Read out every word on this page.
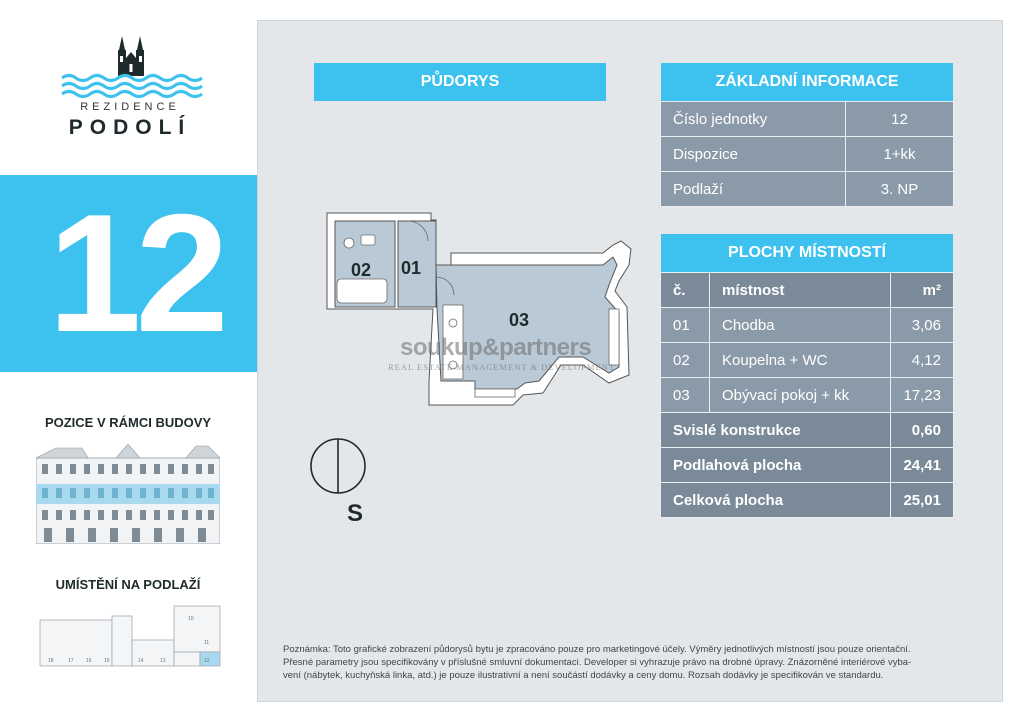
REZIDENCE
PODOLÍ
12
POZICE V RÁMCI BUDOVY
UMÍSTĚNÍ NA PODLAŽÍ
18	17 16 15	14	13	12
10
11
PŮDORYS
02 01
03
soukup&partners
REAL ESTATE MANAGEMENT & DEVELOPMENT
S
ZÁKLADNÍ INFORMACE
Číslo jednotky	12
Dispozice	1+kk
Podlaží	3. NP
PLOCHY MÍSTNOSTÍ
č.	místnost	m²
01	Chodba	3,06
02	Koupelna + WC	4,12
03	Obývací pokoj + kk	17,23
Svislé konstrukce		0,60
Podlahová plocha		24,41
Celková plocha		25,01
Poznámka: Toto grafické zobrazení půdorysů bytu je zpracováno pouze pro marketingové účely. Výměry jednotlivých místností jsou pouze orientační.
Přesné parametry jsou specifikovány v příslušné smluvní dokumentaci. Developer si vyhrazuje právo na drobné úpravy. Znázorněné interiérové vyba-
vení (nábytek, kuchyňská linka, atd.) je pouze ilustrativní a není součástí dodávky a ceny domu. Rozsah dodávky je specifikován ve standardu.
